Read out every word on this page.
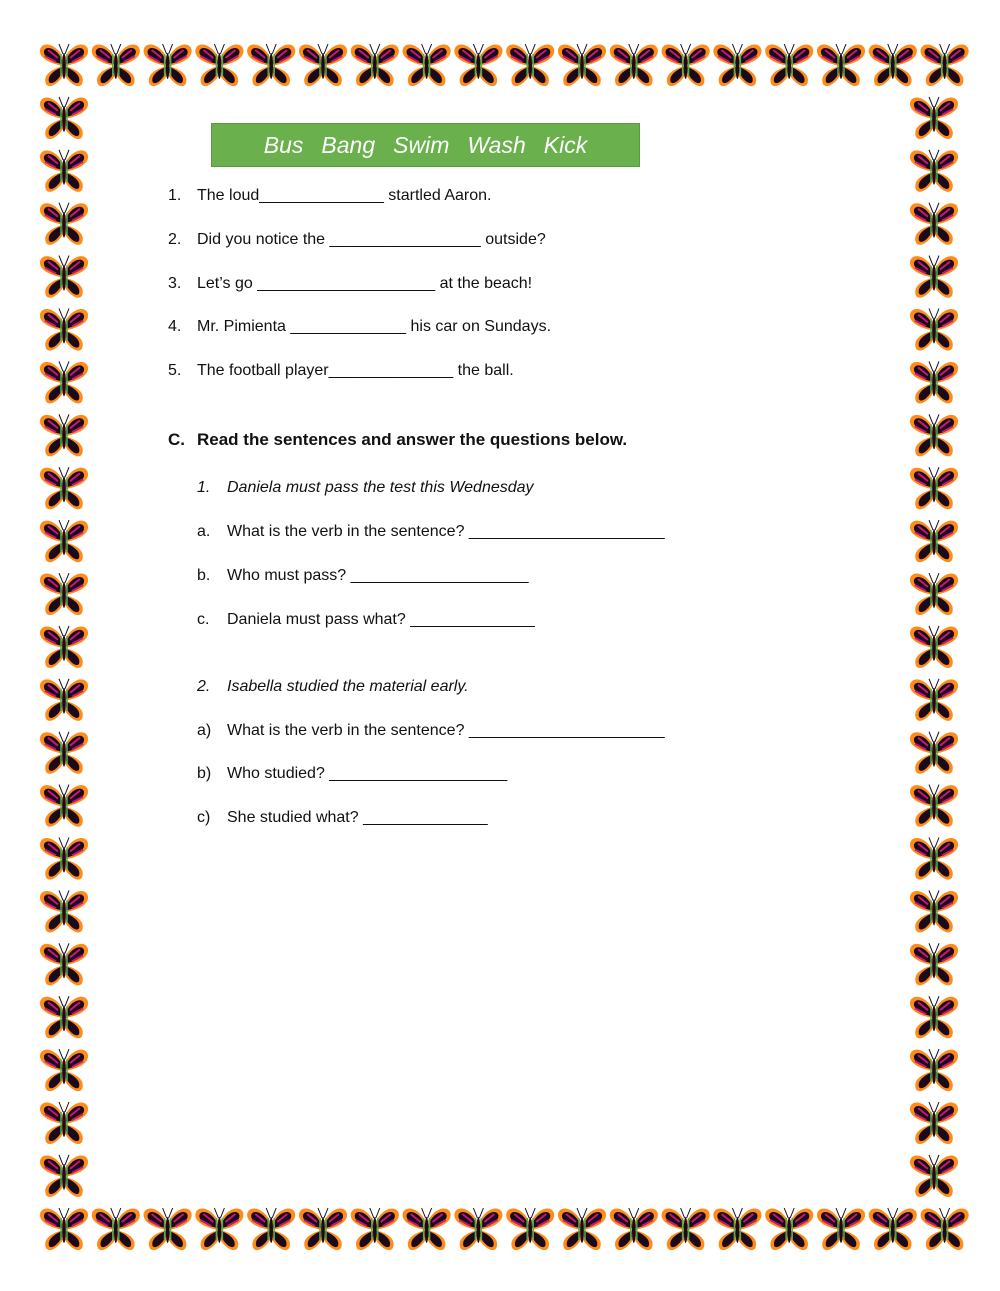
Bus Bang Swim Wash Kick
1. The loud______________ startled Aaron.
2. Did you notice the _________________ outside?
3. Let’s go ____________________ at the beach!
4. Mr. Pimienta _____________ his car on Sundays.
5. The football player______________ the ball.
C. Read the sentences and answer the questions below.
1. Daniela must pass the test this Wednesday
a. What is the verb in the sentence? ______________________
b. Who must pass? ____________________
c. Daniela must pass what? ______________
2. Isabella studied the material early.
a) What is the verb in the sentence? ______________________
b) Who studied? ____________________
c) She studied what? ______________
